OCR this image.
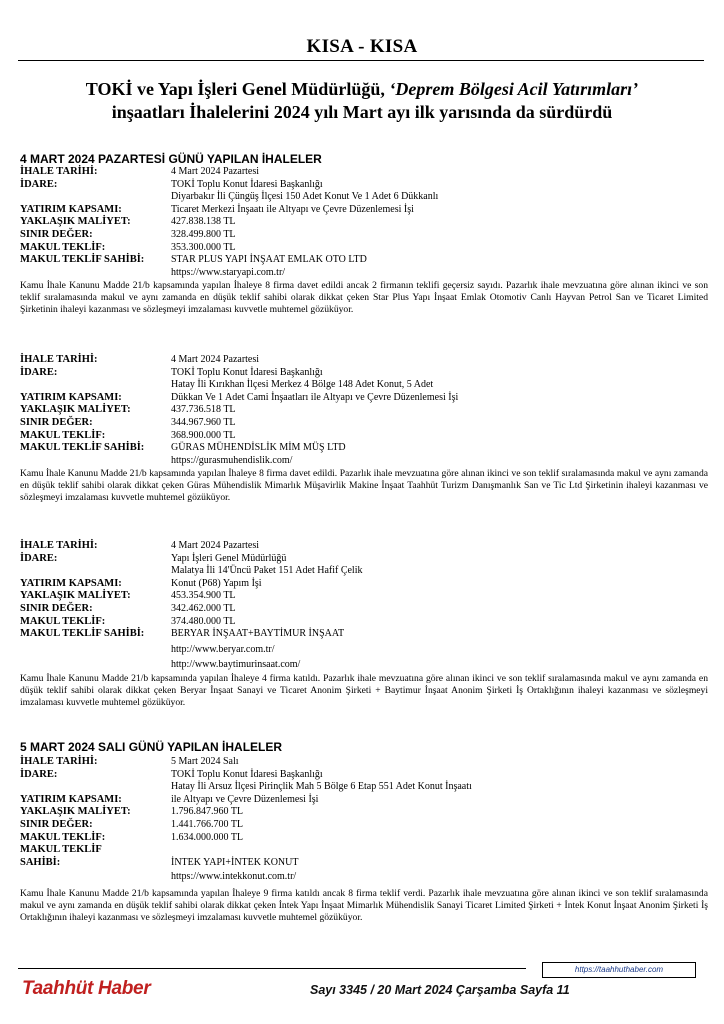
KISA - KISA
TOKİ ve Yapı İşleri Genel Müdürlüğü, ‘Deprem Bölgesi Acil Yatırımları’
inşaatları İhalelerini 2024 yılı Mart ayı ilk yarısında da sürdürdü
4 MART 2024 PAZARTESİ GÜNÜ YAPILAN İHALELER
İHALE TARİHİ:	4 Mart 2024 Pazartesi
İDARE:	TOKİ Toplu Konut İdaresi Başkanlığı
Diyarbakır İli Çüngüş İlçesi 150 Adet Konut Ve 1 Adet 6 Dükkanlı
YATIRIM KAPSAMI:	Ticaret Merkezi İnşaatı ile Altyapı ve Çevre Düzenlemesi İşi
YAKLAŞIK MALİYET:	427.838.138 TL
SINIR DEĞER:	328.499.800 TL
MAKUL TEKLİF:	353.300.000 TL
MAKUL TEKLİF SAHİBİ:	STAR PLUS YAPI İNŞAAT EMLAK OTO LTD
https://www.staryapi.com.tr/
Kamu İhale Kanunu Madde 21/b kapsamında yapılan İhaleye 8 firma davet edildi ancak 2 firmanın teklifi geçersiz sayıdı. Pazarlık ihale mevzuatına göre alınan ikinci ve son teklif sıralamasında makul ve aynı zamanda en düşük teklif sahibi olarak dikkat çeken Star Plus Yapı İnşaat Emlak Otomotiv Canlı Hayvan Petrol San ve Ticaret Limited Şirketinin ihaleyi kazanması ve sözleşmeyi imzalaması kuvvetle muhtemel gözüküyor.
İHALE TARİHİ:	4 Mart 2024 Pazartesi
İDARE:	TOKİ Toplu Konut İdaresi Başkanlığı
Hatay İli Kırıkhan İlçesi Merkez 4 Bölge 148 Adet Konut, 5 Adet
YATIRIM KAPSAMI:	Dükkan Ve 1 Adet Cami İnşaatları ile Altyapı ve Çevre Düzenlemesi İşi
YAKLAŞIK MALİYET:	437.736.518 TL
SINIR DEĞER:	344.967.960 TL
MAKUL TEKLİF:	368.900.000 TL
MAKUL TEKLİF SAHİBİ:	GÜRAS MÜHENDİSLİK MİM MÜŞ LTD
https://gurasmuhendislik.com/
Kamu İhale Kanunu Madde 21/b kapsamında yapılan İhaleye 8 firma davet edildi. Pazarlık ihale mevzuatına göre alınan ikinci ve son teklif sıralamasında makul ve aynı zamanda en düşük teklif sahibi olarak dikkat çeken Güras Mühendislik Mimarlık Müşavirlik Makine İnşaat Taahhüt Turizm Danışmanlık San ve Tic Ltd Şirketinin ihaleyi kazanması ve sözleşmeyi imzalaması kuvvetle muhtemel gözüküyor.
İHALE TARİHİ:	4 Mart 2024 Pazartesi
İDARE:	Yapı İşleri Genel Müdürlüğü
Malatya İli 14'Üncü Paket 151 Adet Hafif Çelik
YATIRIM KAPSAMI:	Konut (P68) Yapım İşi
YAKLAŞIK MALİYET:	453.354.900 TL
SINIR DEĞER:	342.462.000 TL
MAKUL TEKLİF:	374.480.000 TL
MAKUL TEKLİF SAHİBİ:	BERYAR İNŞAAT+BAYTİMUR İNŞAAT
http://www.beryar.com.tr/
http://www.baytimurinsaat.com/
Kamu İhale Kanunu Madde 21/b kapsamında yapılan İhaleye 4 firma katıldı. Pazarlık ihale mevzuatına göre alınan ikinci ve son teklif sıralamasında makul ve aynı zamanda en düşük teklif sahibi olarak dikkat çeken Beryar İnşaat Sanayi ve Ticaret Anonim Şirketi + Baytimur İnşaat Anonim Şirketi İş Ortaklığının ihaleyi kazanması ve sözleşmeyi imzalaması kuvvetle muhtemel gözüküyor.
5 MART 2024 SALI GÜNÜ YAPILAN İHALELER
İHALE TARİHİ:	5 Mart 2024 Salı
İDARE:	TOKİ Toplu Konut İdaresi Başkanlığı
Hatay İli Arsuz İlçesi Pirinçlik Mah 5 Bölge 6 Etap 551 Adet Konut İnşaatı
YATIRIM KAPSAMI:	ile Altyapı ve Çevre Düzenlemesi İşi
YAKLAŞIK MALİYET:	1.796.847.960 TL
SINIR DEĞER:	1.441.766.700 TL
MAKUL TEKLİF:	1.634.000.000 TL
MAKUL TEKLİF
SAHİBİ:	İNTEK YAPI+İNTEK KONUT
https://www.intekkonut.com.tr/
Kamu İhale Kanunu Madde 21/b kapsamında yapılan İhaleye 9 firma katıldı ancak 8 firma teklif verdi. Pazarlık ihale mevzuatına göre alınan ikinci ve son teklif sıralamasında makul ve aynı zamanda en düşük teklif sahibi olarak dikkat çeken İntek Yapı İnşaat Mimarlık Mühendislik Sanayi Ticaret Limited Şirketi + İntek Konut İnşaat Anonim Şirketi İş Ortaklığının ihaleyi kazanması ve sözleşmeyi imzalaması kuvvetle muhtemel gözüküyor.
https://taahhuthaber.com
Taahhüt Haber	Sayı 3345 / 20 Mart 2024 Çarşamba Sayfa 11
